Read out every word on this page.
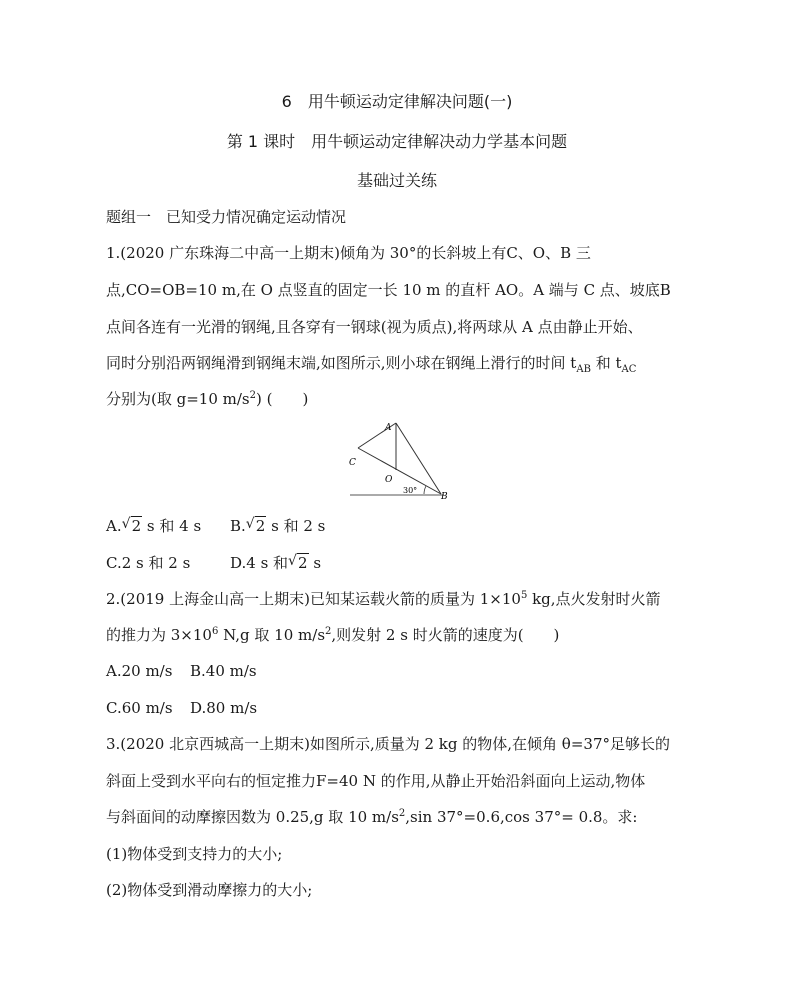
6　用牛顿运动定律解决问题(一)
第 1 课时　用牛顿运动定律解决动力学基本问题
基础过关练
题组一　已知受力情况确定运动情况
1.(2020 广东珠海二中高一上期末)倾角为 30°的长斜坡上有C、O、B 三
点,CO=OB=10 m,在 O 点竖直的固定一长 10 m 的直杆 AO。A 端与 C 点、坡底B
点间各连有一光滑的钢绳,且各穿有一钢球(视为质点),将两球从 A 点由静止开始、
同时分别沿两钢绳滑到钢绳末端,如图所示,则小球在钢绳上滑行的时间 $t_{AB}$ 和 $t_{AC}$
分别为(取 g=10 $m/s^2$) (　　)
A
C
O
B
30°
A. √ 2 s 和 4 s B. √ 2 s 和 2 s
C.2 s 和 2 s	D.4 s 和 √ 2 s
2.(2019 上海金山高一上期末)已知某运载火箭的质量为 $1\times 10^5$ kg,点火发射时火箭
的推力为 $3\times 10^6$ N,g 取 10 $m/s^2$,则发射 2 s 时火箭的速度为(　　)
A.20 m/s B.40 m/s
C.60 m/s D.80 m/s
3.(2020 北京西城高一上期末)如图所示,质量为 2 kg 的物体,在倾角 θ=37°足够长的
斜面上受到水平向右的恒定推力F=40 N 的作用,从静止开始沿斜面向上运动,物体
与斜面间的动摩擦因数为 0.25,g 取 10 $m/s^2,\sin$ 37°=0.6,cos 37°= 0.8。求:
(1)物体受到支持力的大小;
(2)物体受到滑动摩擦力的大小;
